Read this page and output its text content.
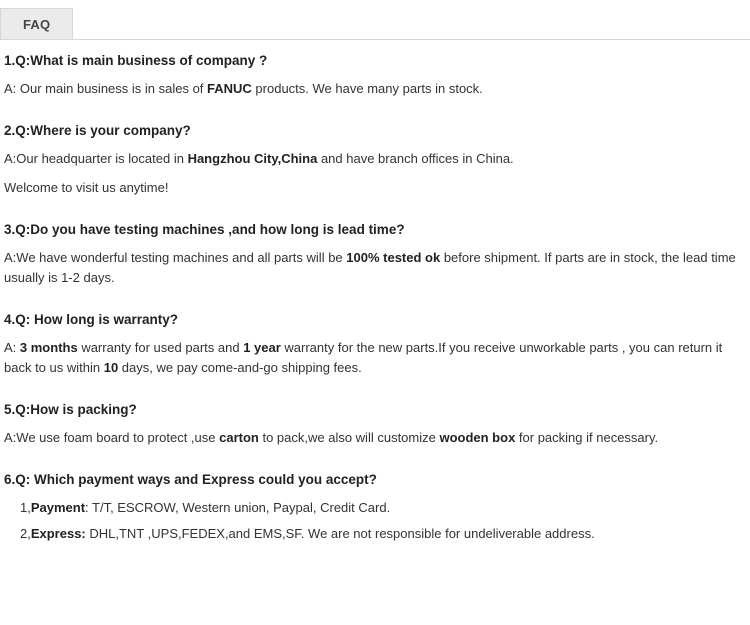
FAQ

1.Q:What is main business of company ?

A: Our main business is in sales of FANUC products. We have many parts in stock.

2.Q:Where is your company?

A:Our headquarter is located in Hangzhou City,China and have branch offices in China.

Welcome to visit us anytime!

3.Q:Do you have testing machines ,and how long is lead time?

A:We have wonderful testing machines and all parts will be 100% tested ok before shipment. If parts are in stock, the lead time usually is 1-2 days.

4.Q: How long is warranty?

A: 3 months warranty for used parts and 1 year warranty for the new parts.If you receive unworkable parts , you can return it back to us within 10 days, we pay come-and-go shipping fees.

5.Q:How is packing?

A:We use foam board to protect ,use carton to pack,we also will customize wooden box for packing if necessary.

6.Q: Which payment ways and Express could you accept?

1,Payment: T/T, ESCROW, Western union, Paypal, Credit Card.

2,Express: DHL,TNT ,UPS,FEDEX,and EMS,SF. We are not responsible for undeliverable address.
